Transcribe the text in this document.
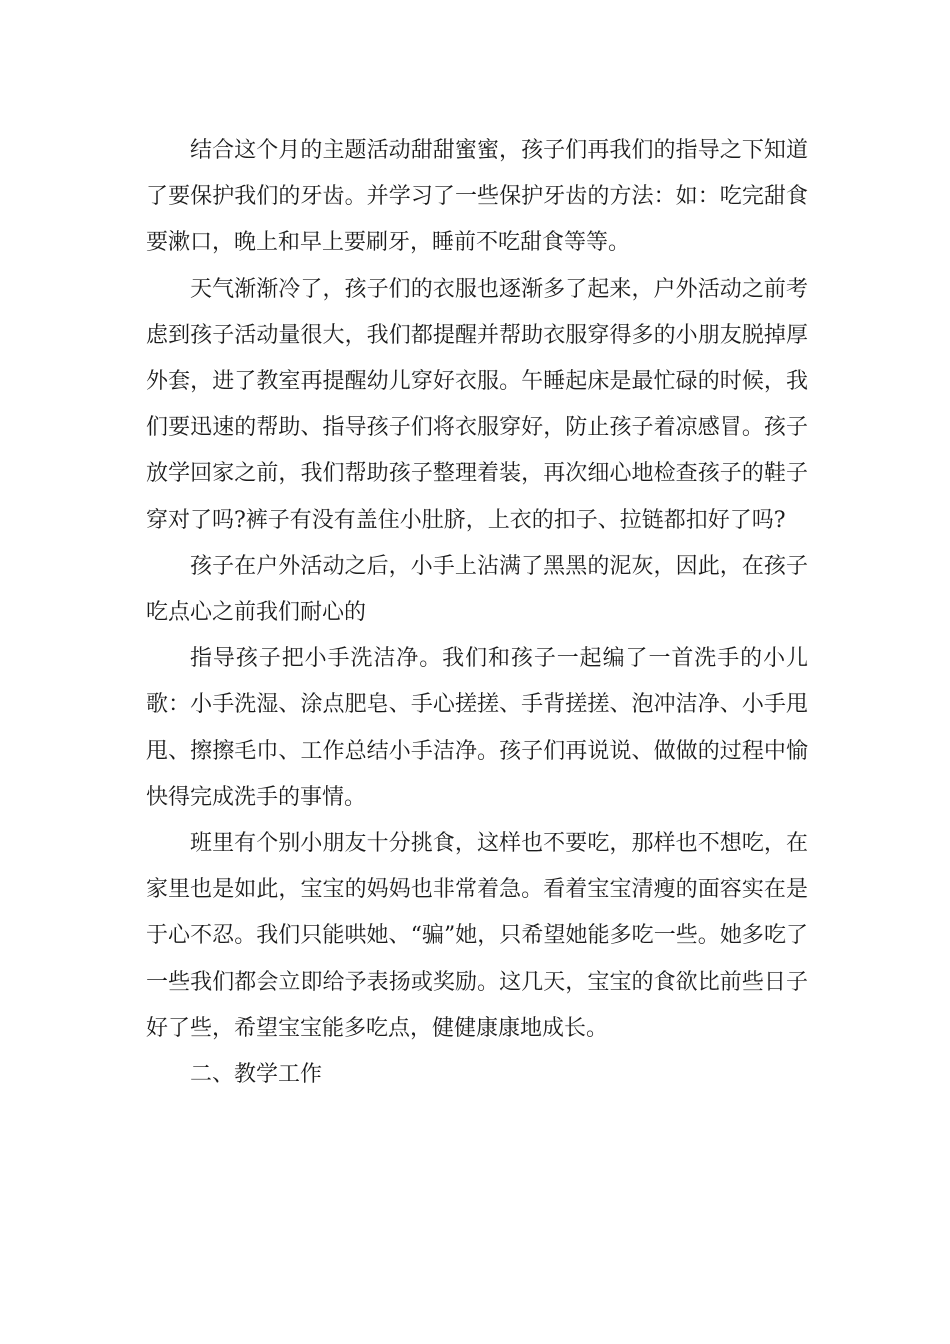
结合这个月的主题活动甜甜蜜蜜，孩子们再我们的指导之下知道了要保护我们的牙齿。并学习了一些保护牙齿的方法：如：吃完甜食要漱口，晚上和早上要刷牙，睡前不吃甜食等等。

天气渐渐冷了，孩子们的衣服也逐渐多了起来，户外活动之前考虑到孩子活动量很大，我们都提醒并帮助衣服穿得多的小朋友脱掉厚外套，进了教室再提醒幼儿穿好衣服。午睡起床是最忙碌的时候，我们要迅速的帮助、指导孩子们将衣服穿好，防止孩子着凉感冒。孩子放学回家之前，我们帮助孩子整理着装，再次细心地检查孩子的鞋子穿对了吗?裤子有没有盖住小肚脐，上衣的扣子、拉链都扣好了吗?

孩子在户外活动之后，小手上沾满了黑黑的泥灰，因此，在孩子吃点心之前我们耐心的

指导孩子把小手洗洁净。我们和孩子一起编了一首洗手的小儿歌：小手洗湿、涂点肥皂、手心搓搓、手背搓搓、泡冲洁净、小手甩甩、擦擦毛巾、工作总结小手洁净。孩子们再说说、做做的过程中愉快得完成洗手的事情。

班里有个别小朋友十分挑食，这样也不要吃，那样也不想吃，在家里也是如此，宝宝的妈妈也非常着急。看着宝宝清瘦的面容实在是于心不忍。我们只能哄她、“骗”她，只希望她能多吃一些。她多吃了一些我们都会立即给予表扬或奖励。这几天，宝宝的食欲比前些日子好了些，希望宝宝能多吃点，健健康康地成长。

二、教学工作
